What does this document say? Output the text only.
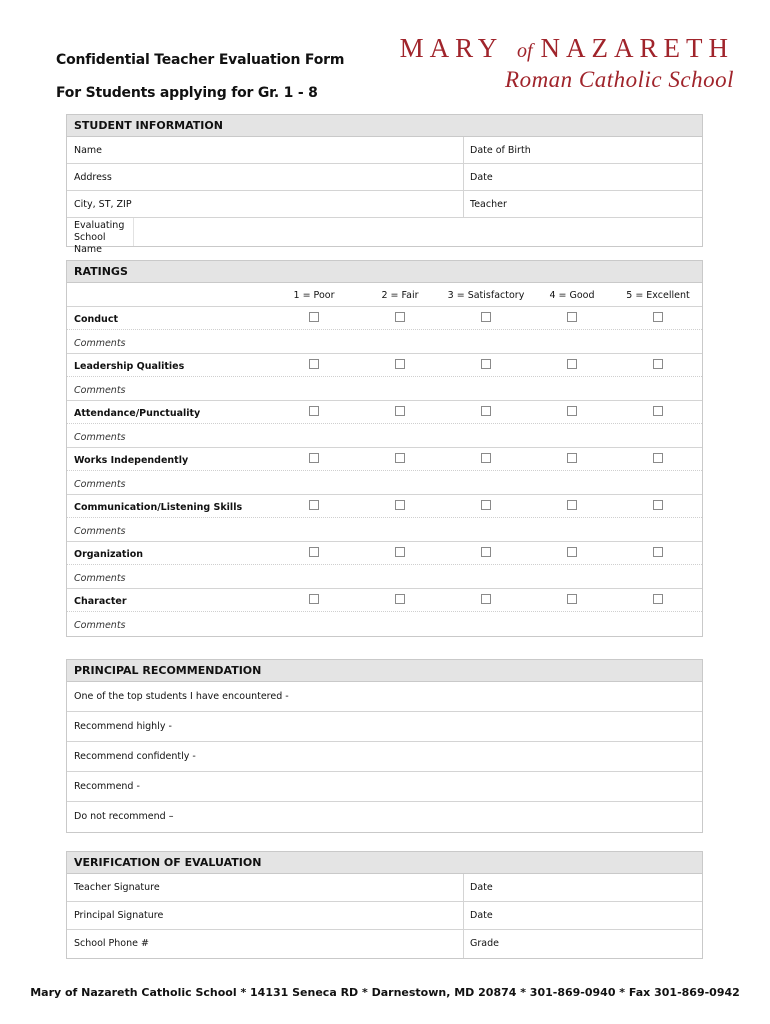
Confidential Teacher Evaluation Form
For Students applying for Gr. 1 - 8
MARY of NAZARETH
Roman Catholic School
STUDENT INFORMATION
Name	Date of Birth
Address	Date
City, ST, ZIP	Teacher
Evaluating
School Name
RATINGS
1 = Poor	2 = Fair	3 = Satisfactory	4 = Good	5 = Excellent
Conduct
Comments
Leadership Qualities
Comments
Attendance/Punctuality
Comments
Works Independently
Comments
Communication/Listening Skills
Comments
Organization
Comments
Character
Comments
PRINCIPAL RECOMMENDATION
One of the top students I have encountered -
Recommend highly -
Recommend confidently -
Recommend -
Do not recommend –
VERIFICATION OF EVALUATION
Teacher Signature	Date
Principal Signature	Date
School Phone #	Grade
Mary of Nazareth Catholic School * 14131 Seneca RD * Darnestown, MD 20874 * 301-869-0940 * Fax 301-869-0942
